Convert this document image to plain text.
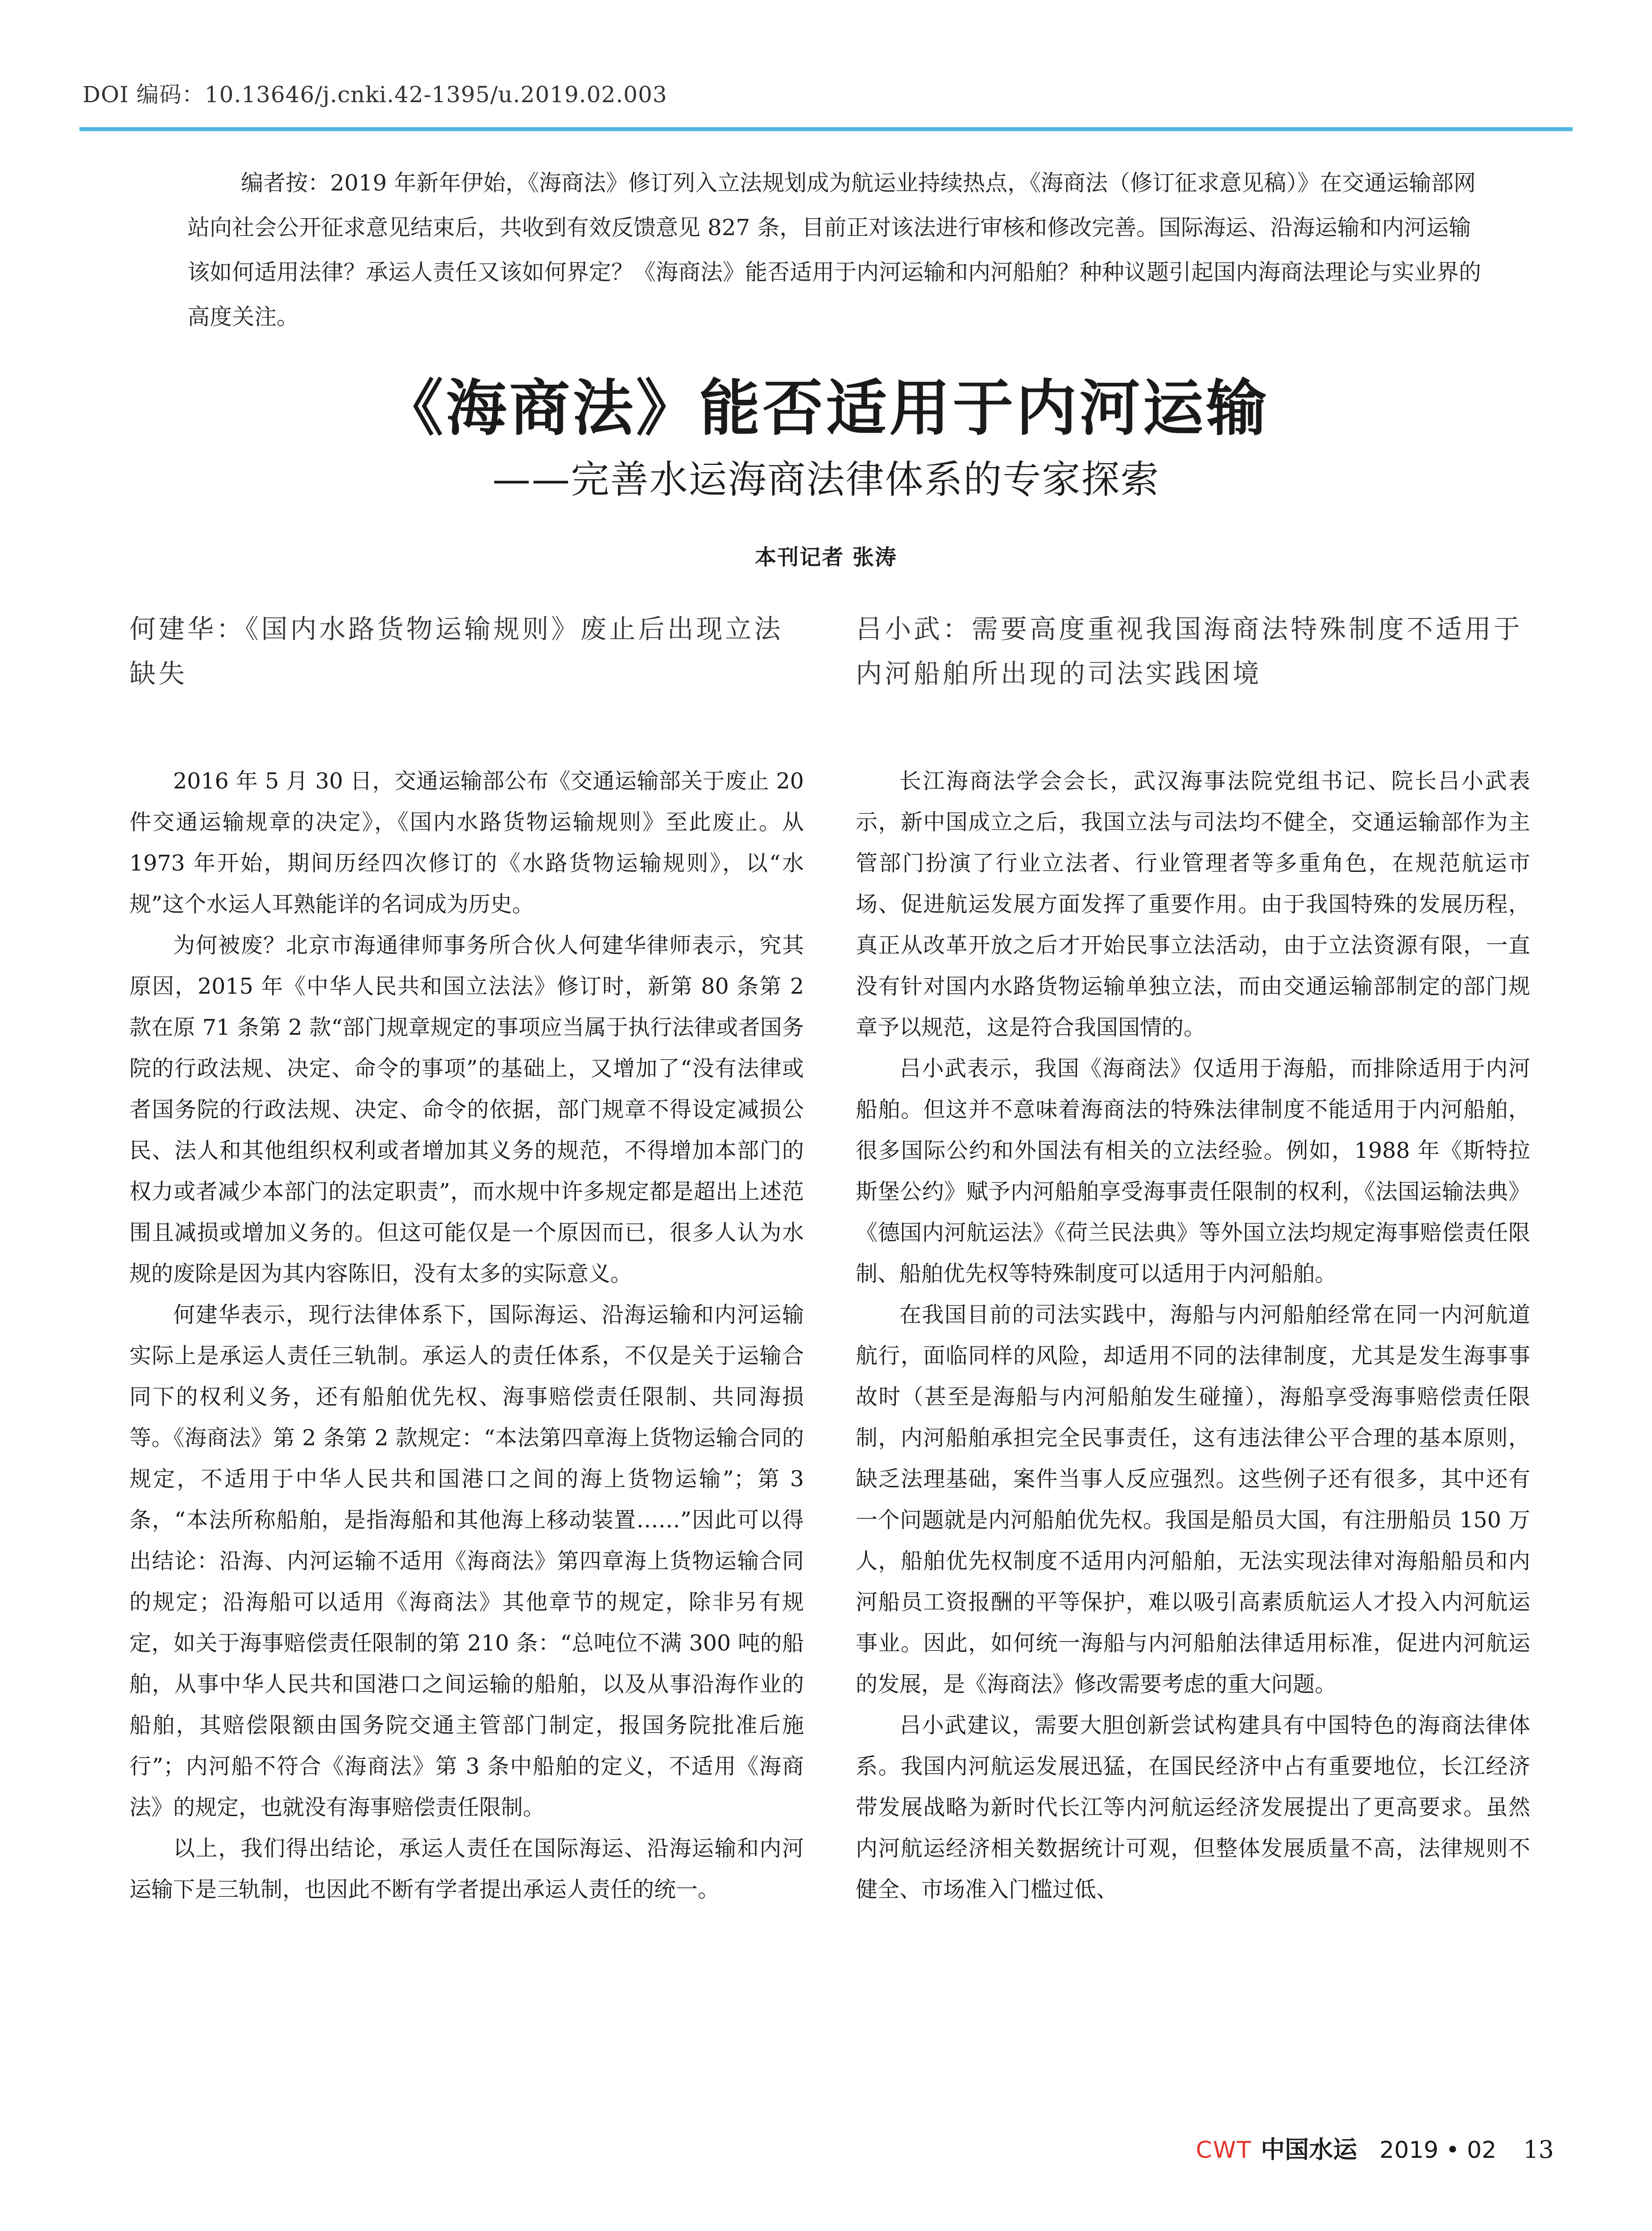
DOI 编码：10.13646/j.cnki.42-1395/u.2019.02.003

编者按：2019 年新年伊始，《海商法》修订列入立法规划成为航运业持续热点，《海商法（修订征求意见稿）》在交通运输部网站向社会公开征求意见结束后，共收到有效反馈意见 827 条，目前正对该法进行审核和修改完善。国际海运、沿海运输和内河运输该如何适用法律？承运人责任又该如何界定？《海商法》能否适用于内河运输和内河船舶？种种议题引起国内海商法理论与实业界的高度关注。

《海商法》能否适用于内河运输
——完善水运海商法律体系的专家探索
本刊记者 张涛
何建华：《国内水路货物运输规则》废止后出现立法缺失

2016 年 5 月 30 日，交通运输部公布《交通运输部关于废止 20 件交通运输规章的决定》，《国内水路货物运输规则》至此废止。从 1973 年开始，期间历经四次修订的《水路货物运输规则》，以“水规”这个水运人耳熟能详的名词成为历史。

为何被废？北京市海通律师事务所合伙人何建华律师表示，究其原因，2015 年《中华人民共和国立法法》修订时，新第 80 条第 2 款在原 71 条第 2 款“部门规章规定的事项应当属于执行法律或者国务院的行政法规、决定、命令的事项”的基础上，又增加了“没有法律或者国务院的行政法规、决定、命令的依据，部门规章不得设定减损公民、法人和其他组织权利或者增加其义务的规范，不得增加本部门的权力或者减少本部门的法定职责”，而水规中许多规定都是超出上述范围且减损或增加义务的。但这可能仅是一个原因而已，很多人认为水规的废除是因为其内容陈旧，没有太多的实际意义。

何建华表示，现行法律体系下，国际海运、沿海运输和内河运输实际上是承运人责任三轨制。承运人的责任体系，不仅是关于运输合同下的权利义务，还有船舶优先权、海事赔偿责任限制、共同海损等。《海商法》第 2 条第 2 款规定：“本法第四章海上货物运输合同的规定，不适用于中华人民共和国港口之间的海上货物运输”；第 3 条，“本法所称船舶，是指海船和其他海上移动装置……”因此可以得出结论：沿海、内河运输不适用《海商法》第四章海上货物运输合同的规定；沿海船可以适用《海商法》其他章节的规定，除非另有规定，如关于海事赔偿责任限制的第 210 条：“总吨位不满 300 吨的船舶，从事中华人民共和国港口之间运输的船舶，以及从事沿海作业的船舶，其赔偿限额由国务院交通主管部门制定，报国务院批准后施行”；内河船不符合《海商法》第 3 条中船舶的定义，不适用《海商法》的规定，也就没有海事赔偿责任限制。

以上，我们得出结论，承运人责任在国际海运、沿海运输和内河运输下是三轨制，也因此不断有学者提出承运人责任的统一。

吕小武：需要高度重视我国海商法特殊制度不适用于内河船舶所出现的司法实践困境

长江海商法学会会长，武汉海事法院党组书记、院长吕小武表示，新中国成立之后，我国立法与司法均不健全，交通运输部作为主管部门扮演了行业立法者、行业管理者等多重角色，在规范航运市场、促进航运发展方面发挥了重要作用。由于我国特殊的发展历程，真正从改革开放之后才开始民事立法活动，由于立法资源有限，一直没有针对国内水路货物运输单独立法，而由交通运输部制定的部门规章予以规范，这是符合我国国情的。

吕小武表示，我国《海商法》仅适用于海船，而排除适用于内河船舶。但这并不意味着海商法的特殊法律制度不能适用于内河船舶，很多国际公约和外国法有相关的立法经验。例如，1988 年《斯特拉斯堡公约》赋予内河船舶享受海事责任限制的权利，《法国运输法典》《德国内河航运法》《荷兰民法典》等外国立法均规定海事赔偿责任限制、船舶优先权等特殊制度可以适用于内河船舶。

在我国目前的司法实践中，海船与内河船舶经常在同一内河航道航行，面临同样的风险，却适用不同的法律制度，尤其是发生海事事故时（甚至是海船与内河船舶发生碰撞），海船享受海事赔偿责任限制，内河船舶承担完全民事责任，这有违法律公平合理的基本原则，缺乏法理基础，案件当事人反应强烈。这些例子还有很多，其中还有一个问题就是内河船舶优先权。我国是船员大国，有注册船员 150 万人，船舶优先权制度不适用内河船舶，无法实现法律对海船船员和内河船员工资报酬的平等保护，难以吸引高素质航运人才投入内河航运事业。因此，如何统一海船与内河船舶法律适用标准，促进内河航运的发展，是《海商法》修改需要考虑的重大问题。

吕小武建议，需要大胆创新尝试构建具有中国特色的海商法律体系。我国内河航运发展迅猛，在国民经济中占有重要地位，长江经济带发展战略为新时代长江等内河航运经济发展提出了更高要求。虽然内河航运经济相关数据统计可观，但整体发展质量不高，法律规则不健全、市场准入门槛过低、

CWT 中国水运 2019 • 02 13
